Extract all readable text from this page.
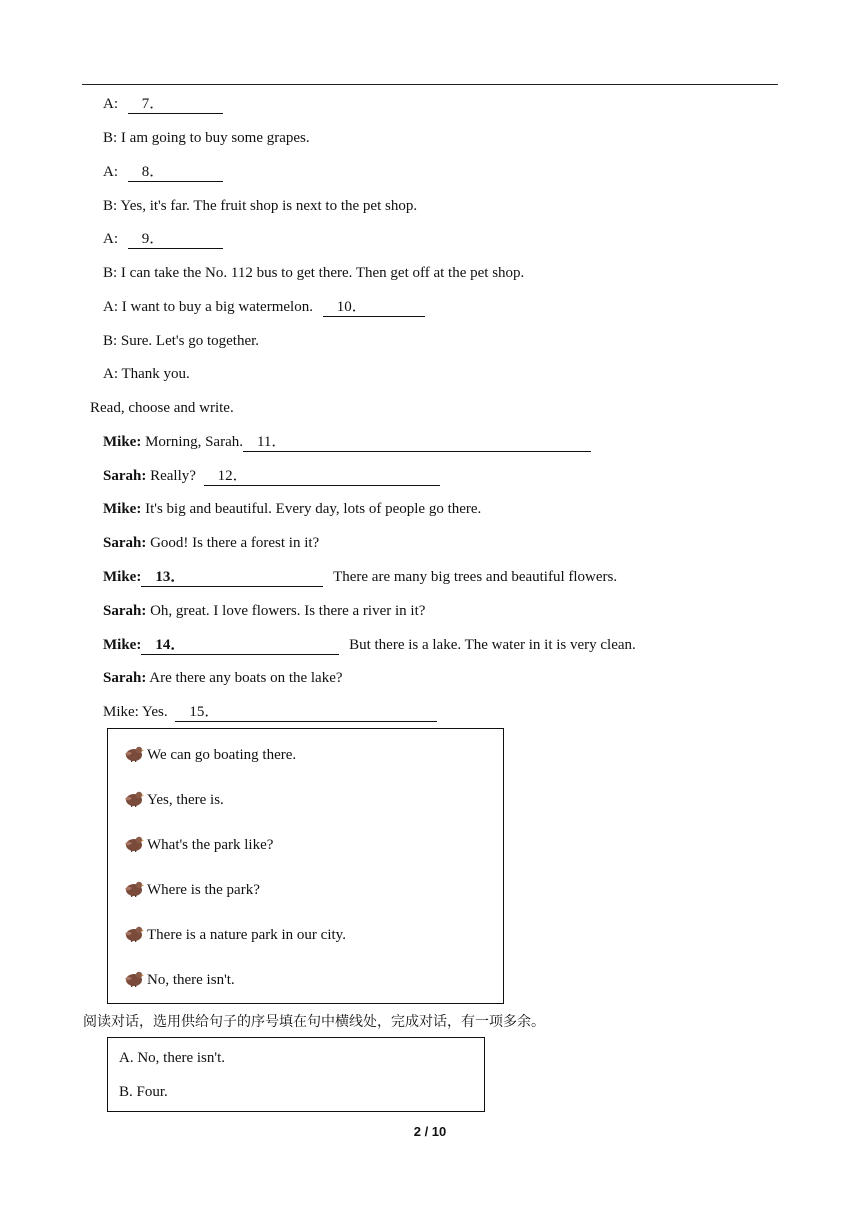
A: 7．
B: I am going to buy some grapes.
A: 8．
B: Yes, it's far. The fruit shop is next to the pet shop.
A: 9．
B: I can take the No. 112 bus to get there. Then get off at the pet shop.
A: I want to buy a big watermelon. 10．
B: Sure. Let's go together.
A: Thank you.
Read, choose and write.
Mike: Morning, Sarah. 11．
Sarah: Really? 12．
Mike: It's big and beautiful. Every day, lots of people go there.
Sarah: Good! Is there a forest in it?
Mike: 13．	There are many big trees and beautiful flowers.
Sarah: Oh, great. I love flowers. Is there a river in it?
Mike: 14．	But there is a lake. The water in it is very clean.
Sarah: Are there any boats on the lake?
Mike: Yes. 15．
We can go boating there.
Yes, there is.
What's the park like?
Where is the park?
There is a nature park in our city.
No, there isn't.
阅读对话，选用供给句子的序号填在句中横线处，完成对话，有一项多余。
A. No, there isn't.
B. Four.
2 / 10
